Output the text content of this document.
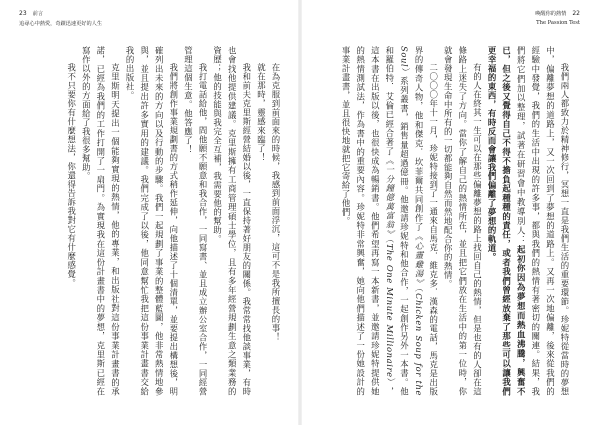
23 前言
追尋心中熱愛，奇蹟迅速更好的人生

在為克服到前面來的時候，我感到前面浮沉，這可不是我所擅長的事！

就在那時，靈感來臨了！

我和前夫克里斯經營結婚以後，一直保持著好朋友的關係。我常常找他談事業，有時也會找他提供建議。克里斯擁有工商管理碩士學位，且有多年經營規劃生意之類業務的資歷；他的技能與我完全互補，我需要他的幫助。

我打電話給他，問他願不願意和我合作，一同寫書、並且成立辦公室合作，一同經營管理這個生意。他答應了！

我們將創作事業規劃書的方式稍作延伸，向他描述了十個清單，並要提出構想後，明確列出未來的方向以及行動的步驟。我們一起規劃了事業的整體藍圖，他非常熱情地參與，並且提出許多實用的建議。我們完成了以後，他同意幫忙我把這份事業計畫書交給我的出版社。

克里斯明天提出一個能夠實現的熱情，他的專業，和出版社對這份事業計畫書的承諾，已經為我們的工作打開了一扇門。為實現我在這份計畫書中的夢想，克里斯已經在寫作以外的方面給了我很多幫助。

我不只要你有什麼想法，你還得告訴我對它有什麼感覺。

喚醒你的熱情 22
The Passion Test

我們兩人都致力於精神修行，冥想一直是我們生活的重要環節。珍妮特從當時的夢想中，偏離夢想的道路上，又一次回到了夢想的道路上。又再一次地偏離，後來從我們的經驗中發覺，我們的生活中出現的許多事，都與我們的熱情有著密切的關連。結果，我們將它們加以整理，試著在研習會中教導別人：起初你因為夢想而熱血沸騰，興奮不已，但之後又覺得自己不得不擔負起種種的責任，或者我們曾經放棄了那些可以讓我們更幸福的東西，有時反而會讓我們偏離了夢想的軌道。

有的人在終其一生可以在那些偏離夢想的路上找回自己的熱情，但是也有的人卻在這條路上迷失了方向。當你了解自己的熱情所在，並且把它們放在生活中的第一位時，你就會發現生命中所有的一切都能夠自然而然地配合你的熱情。

二〇〇〇年十一月，珍妮特接到了一通來自馬克．維克多．漢森的電話，馬克是出版界的傳奇人物，他和傑克．坎菲爾共同創作了《心靈雞湯》（Chicken Soup for the Soul）系列叢書，銷售量超過億冊。他邀請珍妮特和他合作，一起創作另外一本書。他和羅伯特．艾倫已經合著了《一分鐘億萬富翁》（The One Minute Millionaire），這本書在出版以後，也很快成為暢銷書。他們希望再寫一本新書，並邀請珍妮特提供她的熱情測試法，作為書中的重要內容。珍妮特非常興奮，她向他們描述了一份她設計的事業計畫書，並且很快地就把它寄給了他們。
